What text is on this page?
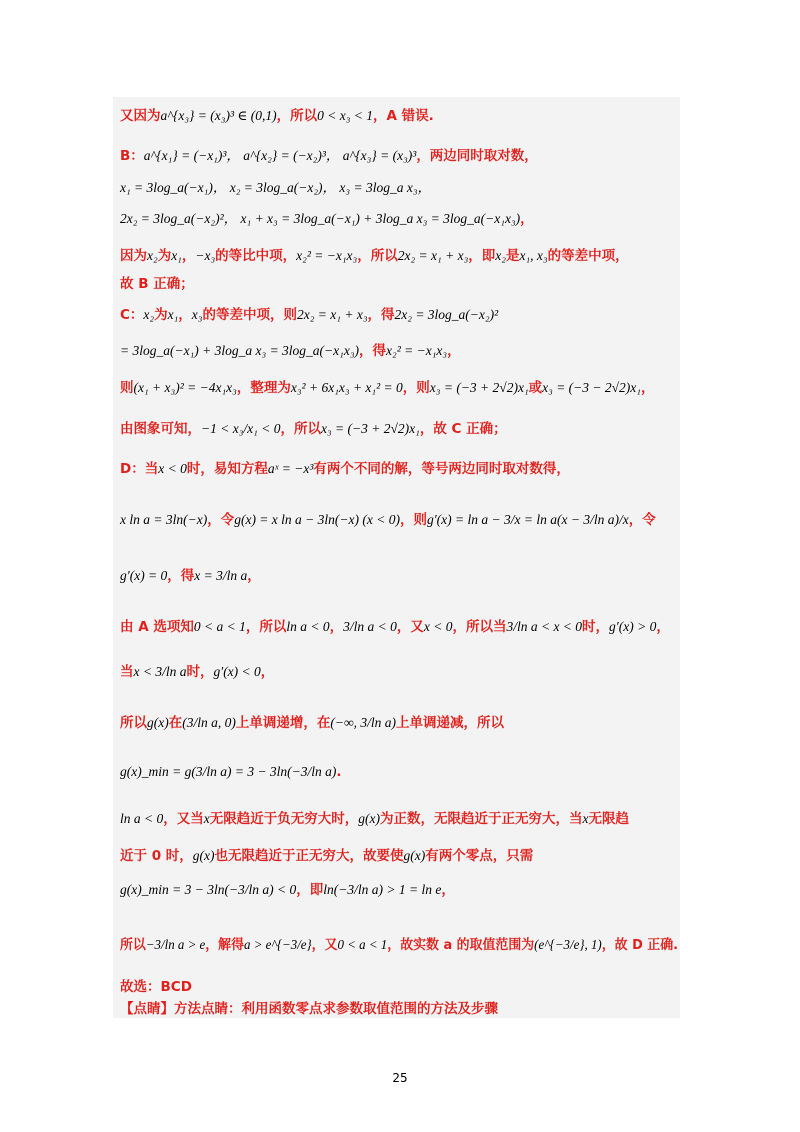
又因为a^{x₃} = (x₃)³ ∈ (0,1)，所以0 < x₃ < 1，A 错误.
B：a^{x₁} = (−x₁)³， a^{x₂} = (−x₂)³， a^{x₃} = (x₃)³，两边同时取对数，
x₁ = 3log_a(−x₁)， x₂ = 3log_a(−x₂)， x₃ = 3log_a x₃，
2x₂ = 3log_a(−x₂)²， x₁ + x₃ = 3log_a(−x₁) + 3log_a x₃ = 3log_a(−x₁x₃)，
因为x₂为x₁，−x₃的等比中项，x₂² = −x₁x₃，所以2x₂ = x₁ + x₃，即x₂是x₁, x₃的等差中项，
故 B 正确；
C：x₂为x₁，x₃的等差中项，则2x₂ = x₁ + x₃，得2x₂ = 3log_a(−x₂)²
= 3log_a(−x₁) + 3log_a x₃ = 3log_a(−x₁x₃)，得x₂² = −x₁x₃，
则(x₁ + x₃)² = −4x₁x₃，整理为x₃² + 6x₁x₃ + x₁² = 0，则x₃ = (−3 + 2√2)x₁或x₃ = (−3 − 2√2)x₁，
由图象可知，−1 < x₃/x₁ < 0，所以x₃ = (−3 + 2√2)x₁，故 C 正确；
D：当x < 0时，易知方程aˣ = −x³有两个不同的解，等号两边同时取对数得，
x ln a = 3ln(−x)，令g(x) = x ln a − 3ln(−x) (x < 0)，则g′(x) = ln a − 3/x = ln a(x − 3/ln a)/x，令
g′(x) = 0，得x = 3/ln a，
由 A 选项知0 < a < 1，所以ln a < 0，3/ln a < 0，又x < 0，所以当3/ln a < x < 0时，g′(x) > 0，
当x < 3/ln a时，g′(x) < 0，
所以g(x)在(3/ln a, 0)上单调递增，在(−∞, 3/ln a)上单调递减，所以
g(x)_min = g(3/ln a) = 3 − 3ln(−3/ln a).
ln a < 0，又当x无限趋近于负无穷大时，g(x)为正数，无限趋近于正无穷大，当x无限趋
近于 0 时，g(x)也无限趋近于正无穷大，故要使g(x)有两个零点，只需
g(x)_min = 3 − 3ln(−3/ln a) < 0，即ln(−3/ln a) > 1 = ln e，
所以−3/ln a > e，解得a > e^{−3/e}，又0 < a < 1，故实数 a 的取值范围为(e^{−3/e}, 1)，故 D 正确.
故选：BCD
【点睛】方法点睛：利用函数零点求参数取值范围的方法及步骤
25
